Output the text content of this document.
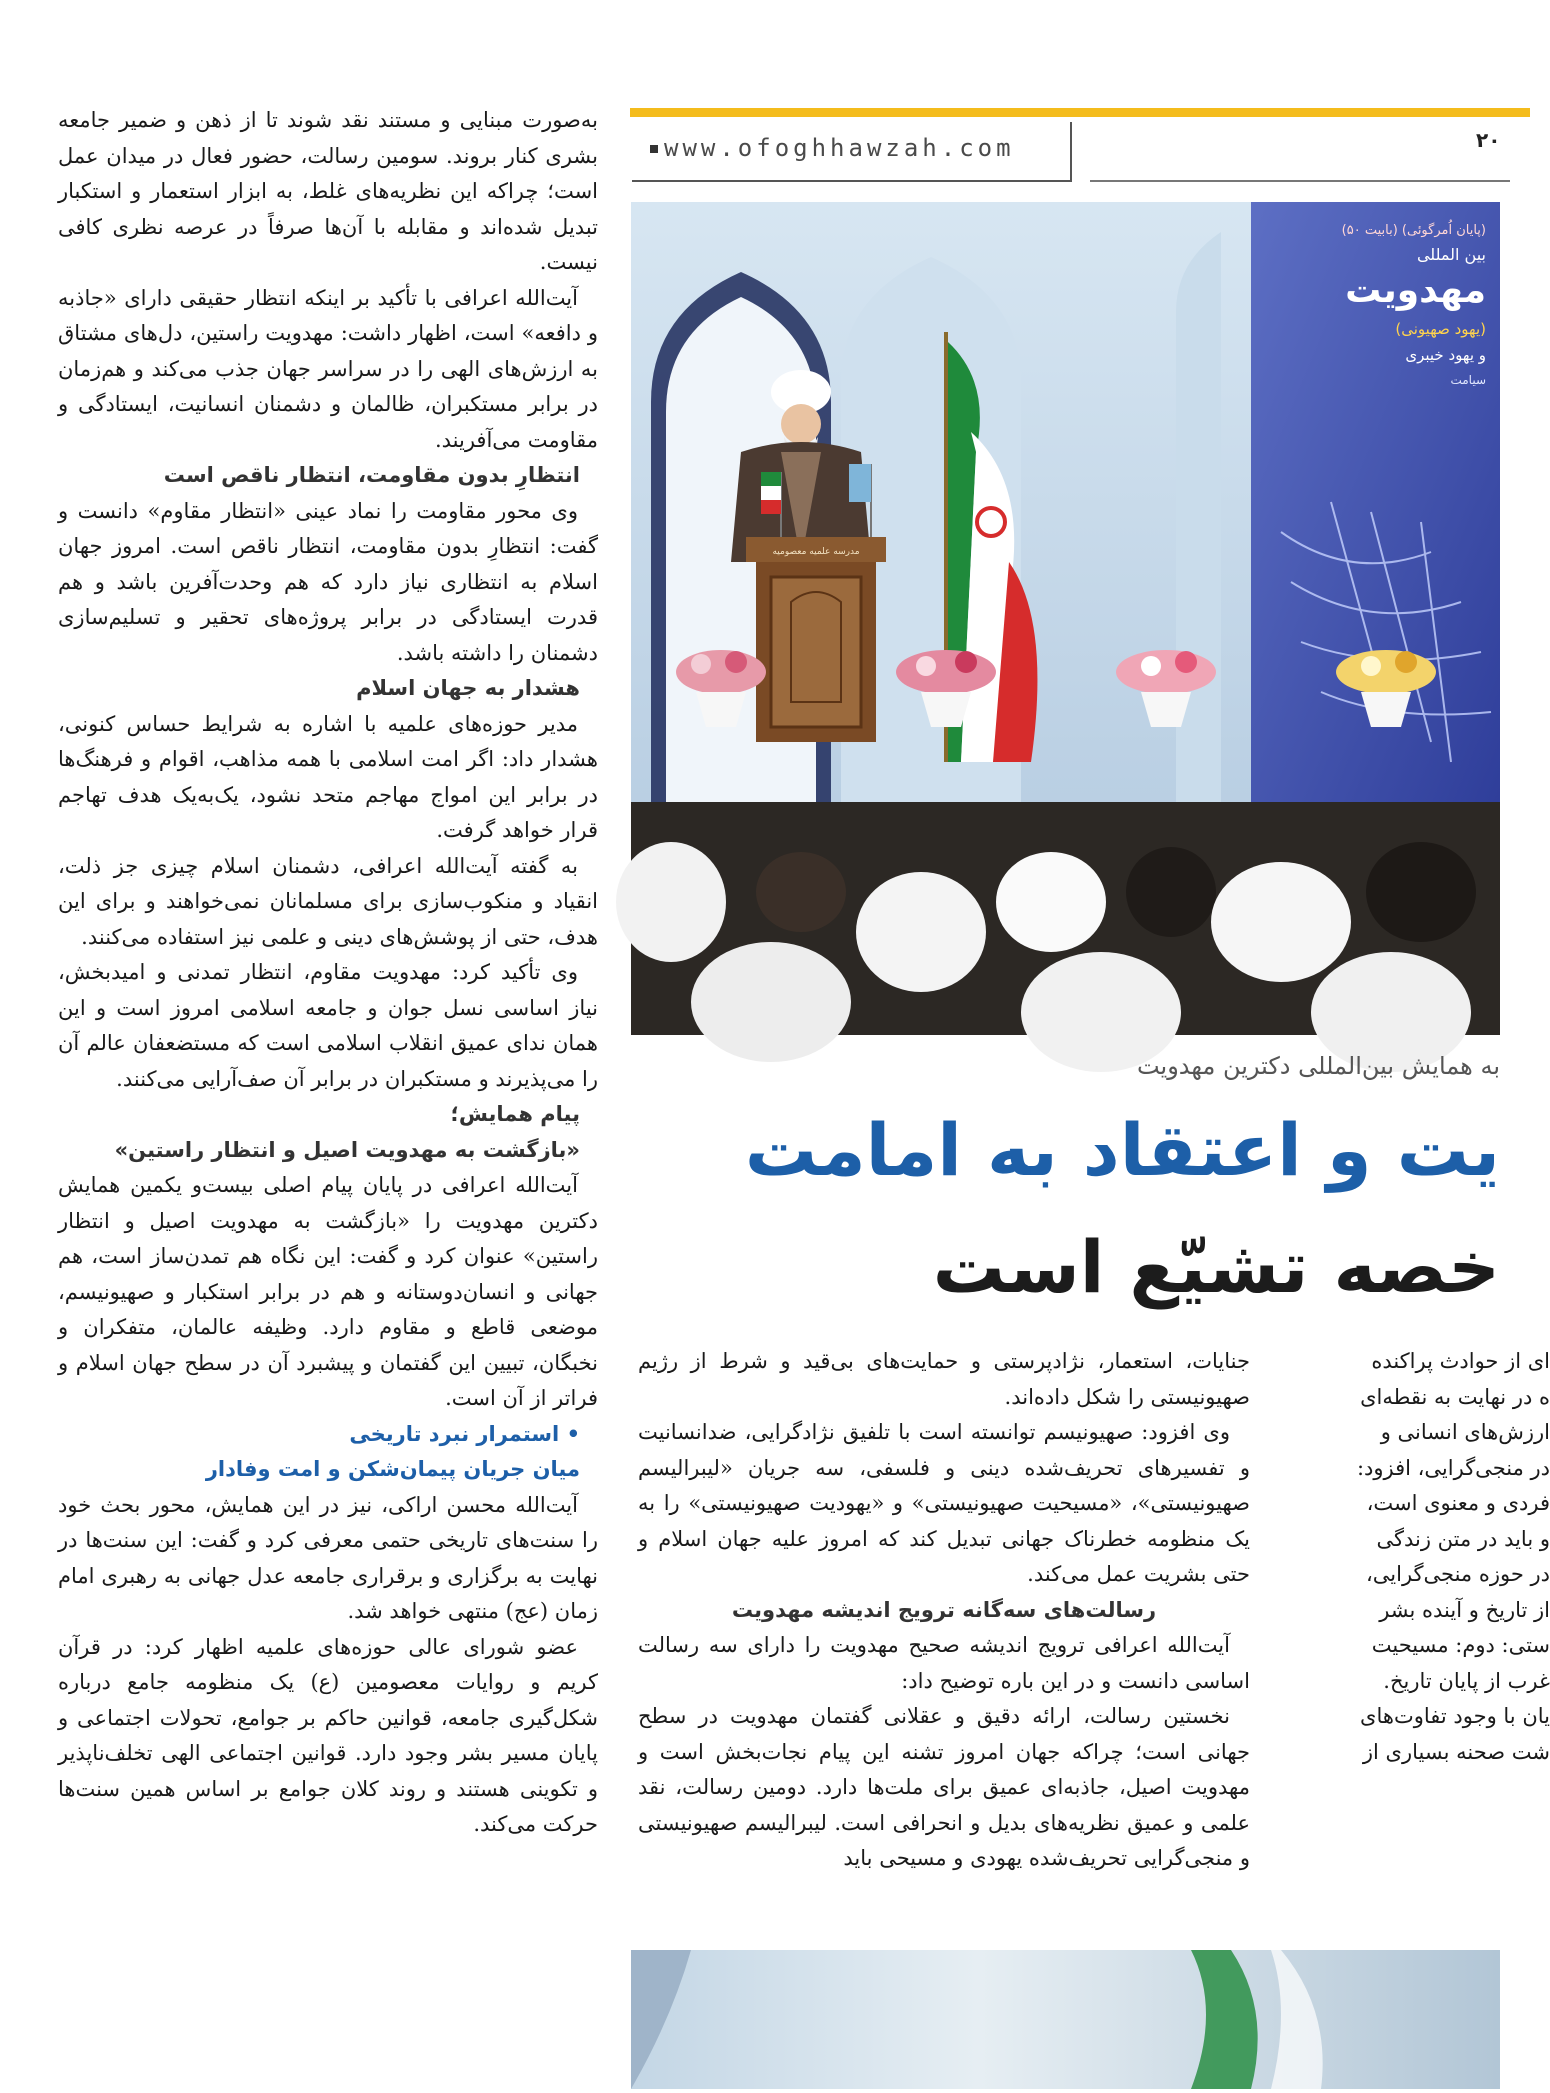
www.ofoghhawzah.com	۲۰
(پایان اُمرگوئی) (بابیت ۵۰)
بین المللی
مهدویت
(یهود صهیونی)
و یهود خیبری
سیامت
مدرسه علمیه معصومیه
به همایش بین‌المللی دکترین مهدویت
یت و اعتقاد به امامت
خصه تشیّع است

به‌صورت مبنایی و مستند نقد شوند تا از ذهن و ضمیر جامعه بشری کنار بروند. سومین رسالت، حضور فعال در میدان عمل است؛ چراکه این نظریه‌های غلط، به ابزار استعمار و استکبار تبدیل شده‌اند و مقابله با آن‌ها صرفاً در عرصه نظری کافی نیست.

آیت‌الله اعرافی با تأکید بر اینکه انتظار حقیقی دارای «جاذبه و دافعه» است، اظهار داشت: مهدویت راستین، دل‌های مشتاق به ارزش‌های الهی را در سراسر جهان جذب می‌کند و هم‌زمان در برابر مستکبران، ظالمان و دشمنان انسانیت، ایستادگی و مقاومت می‌آفریند.

انتظارِ بدون مقاومت، انتظار ناقص است

وی محور مقاومت را نماد عینی «انتظار مقاوم» دانست و گفت: انتظارِ بدون مقاومت، انتظار ناقص است. امروز جهان اسلام به انتظاری نیاز دارد که هم وحدت‌آفرین باشد و هم قدرت ایستادگی در برابر پروژه‌های تحقیر و تسلیم‌سازی دشمنان را داشته باشد.

هشدار به جهان اسلام

مدیر حوزه‌های علمیه با اشاره به شرایط حساس کنونی، هشدار داد: اگر امت اسلامی با همه مذاهب، اقوام و فرهنگ‌ها در برابر این امواج مهاجم متحد نشود، یک‌به‌یک هدف تهاجم قرار خواهد گرفت.

به گفته آیت‌الله اعرافی، دشمنان اسلام چیزی جز ذلت، انقیاد و منکوب‌سازی برای مسلمانان نمی‌خواهند و برای این هدف، حتی از پوشش‌های دینی و علمی نیز استفاده می‌کنند.

وی تأکید کرد: مهدویت مقاوم، انتظار تمدنی و امیدبخش، نیاز اساسی نسل جوان و جامعه اسلامی امروز است و این همان ندای عمیق انقلاب اسلامی است که مستضعفان عالم آن را می‌پذیرند و مستکبران در برابر آن صف‌آرایی می‌کنند.

پیام همایش؛
«بازگشت به مهدویت اصیل و انتظار راستین»

آیت‌الله اعرافی در پایان پیام اصلی بیست‌و یکمین همایش دکترین مهدویت را «بازگشت به مهدویت اصیل و انتظار راستین» عنوان کرد و گفت: این نگاه هم تمدن‌ساز است، هم جهانی و انسان‌دوستانه و هم در برابر استکبار و صهیونیسم، موضعی قاطع و مقاوم دارد. وظیفه عالمان، متفکران و نخبگان، تبیین این گفتمان و پیشبرد آن در سطح جهان اسلام و فراتر از آن است.

• استمرار نبرد تاریخی
میان جریان پیمان‌شکن و امت وفادار

آیت‌الله محسن اراکی، نیز در این همایش، محور بحث خود را سنت‌های تاریخی حتمی معرفی کرد و گفت: این سنت‌ها در نهایت به برگزاری و برقراری جامعه عدل جهانی به رهبری امام زمان (عج) منتهی خواهد شد.

عضو شورای عالی حوزه‌های علمیه اظهار کرد: در قرآن کریم و روایات معصومین (ع) یک منظومه جامع درباره شکل‌گیری جامعه، قوانین حاکم بر جوامع، تحولات اجتماعی و پایان مسیر بشر وجود دارد. قوانین اجتماعی الهی تخلف‌ناپذیر و تکوینی هستند و روند کلان جوامع بر اساس همین سنت‌ها حرکت می‌کند.

جنایات، استعمار، نژادپرستی و حمایت‌های بی‌قید و شرط از رژیم صهیونیستی را شکل داده‌اند.

وی افزود: صهیونیسم توانسته است با تلفیق نژادگرایی، ضدانسانیت و تفسیرهای تحریف‌شده دینی و فلسفی، سه جریان «لیبرالیسم صهیونیستی»، «مسیحیت صهیونیستی» و «یهودیت صهیونیستی» را به یک منظومه خطرناک جهانی تبدیل کند که امروز علیه جهان اسلام و حتی بشریت عمل می‌کند.

رسالت‌های سه‌گانه ترویج اندیشه مهدویت

آیت‌الله اعرافی ترویج اندیشه صحیح مهدویت را دارای سه رسالت اساسی دانست و در این باره توضیح داد:

نخستین رسالت، ارائه دقیق و عقلانی گفتمان مهدویت در سطح جهانی است؛ چراکه جهان امروز تشنه این پیام نجات‌بخش است و مهدویت اصیل، جاذبه‌ای عمیق برای ملت‌ها دارد. دومین رسالت، نقد علمی و عمیق نظریه‌های بدیل و انحرافی است. لیبرالیسم صهیونیستی و منجی‌گرایی تحریف‌شده یهودی و مسیحی باید

ای از حوادث پراکنده

ه در نهایت به نقطه‌ای

ارزش‌های انسانی و

در منجی‌گرایی، افزود:

فردی و معنوی است،

و باید در متن زندگی

در حوزه منجی‌گرایی،

از تاریخ و آینده بشر

ستی: دوم: مسیحیت

غرب از پایان تاریخ.

یان با وجود تفاوت‌های

شت صحنه بسیاری از
